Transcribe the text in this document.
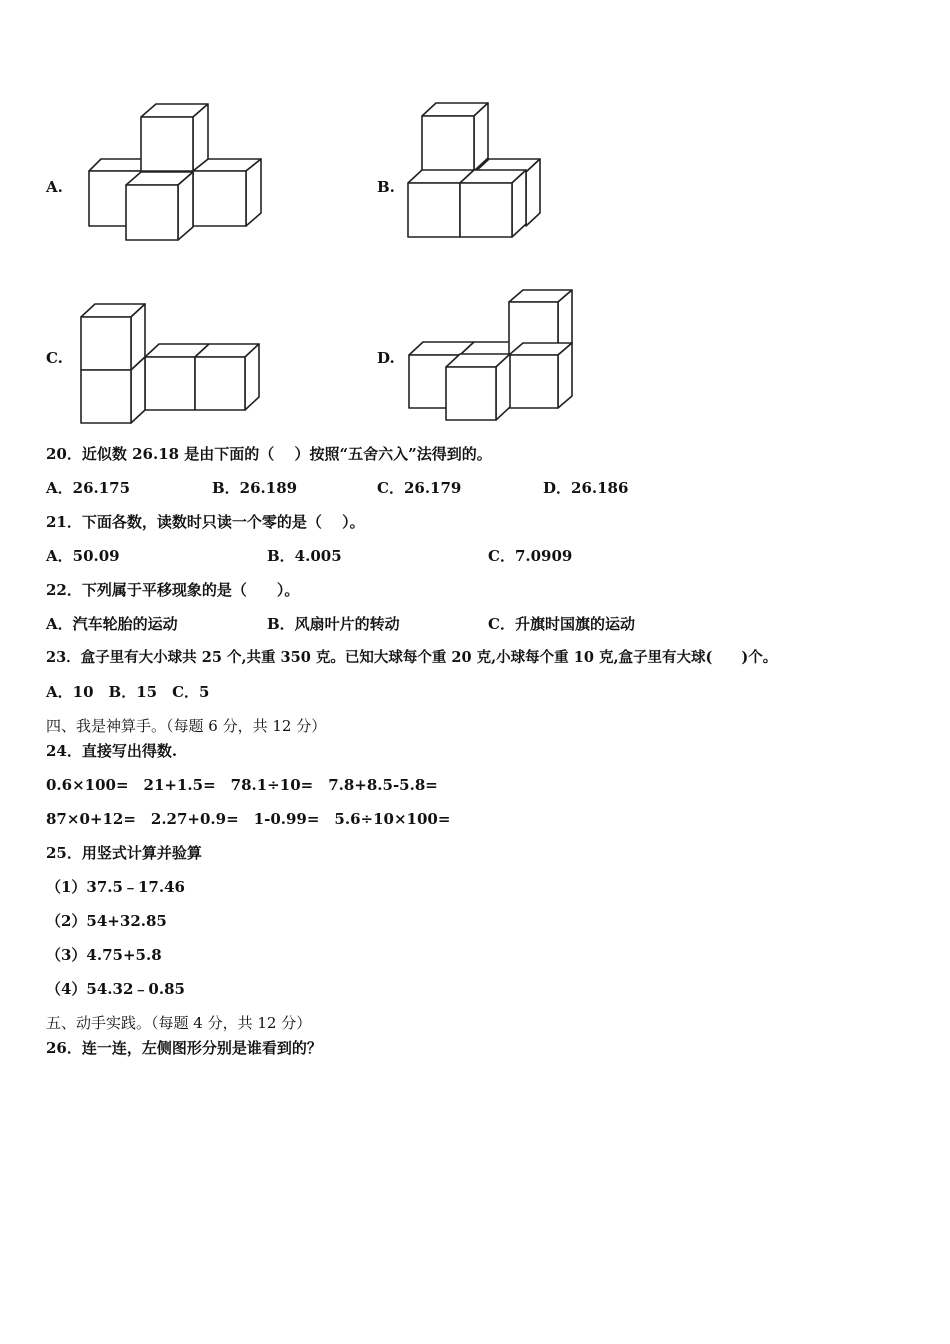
A.	B.
C.	D.
20．近似数 26.18 是由下面的（　 ）按照“五舍六入”法得到的。
A．26.175	B．26.189	C．26.179	D．26.186
21．下面各数，读数时只读一个零的是（　 ）。
A．50.09	B．4.005	C．7.0909
22．下列属于平移现象的是（　　）。
A．汽车轮胎的运动	B．风扇叶片的转动	C．升旗时国旗的运动
23．盒子里有大小球共 25 个,共重 350 克。已知大球每个重 20 克,小球每个重 10 克,盒子里有大球(　　)个。
A．10　B．15　C．5
四、我是神算手。（每题 6 分，共 12 分）
24．直接写出得数.
0.6×100=　21+1.5=　78.1÷10=　7.8+8.5-5.8=
87×0+12=　2.27+0.9=　1-0.99=　5.6÷10×100=
25．用竖式计算并验算
（1）37.5﹣17.46
（2）54+32.85
（3）4.75+5.8
（4）54.32﹣0.85
五、动手实践。（每题 4 分，共 12 分）
26．连一连，左侧图形分别是谁看到的？
